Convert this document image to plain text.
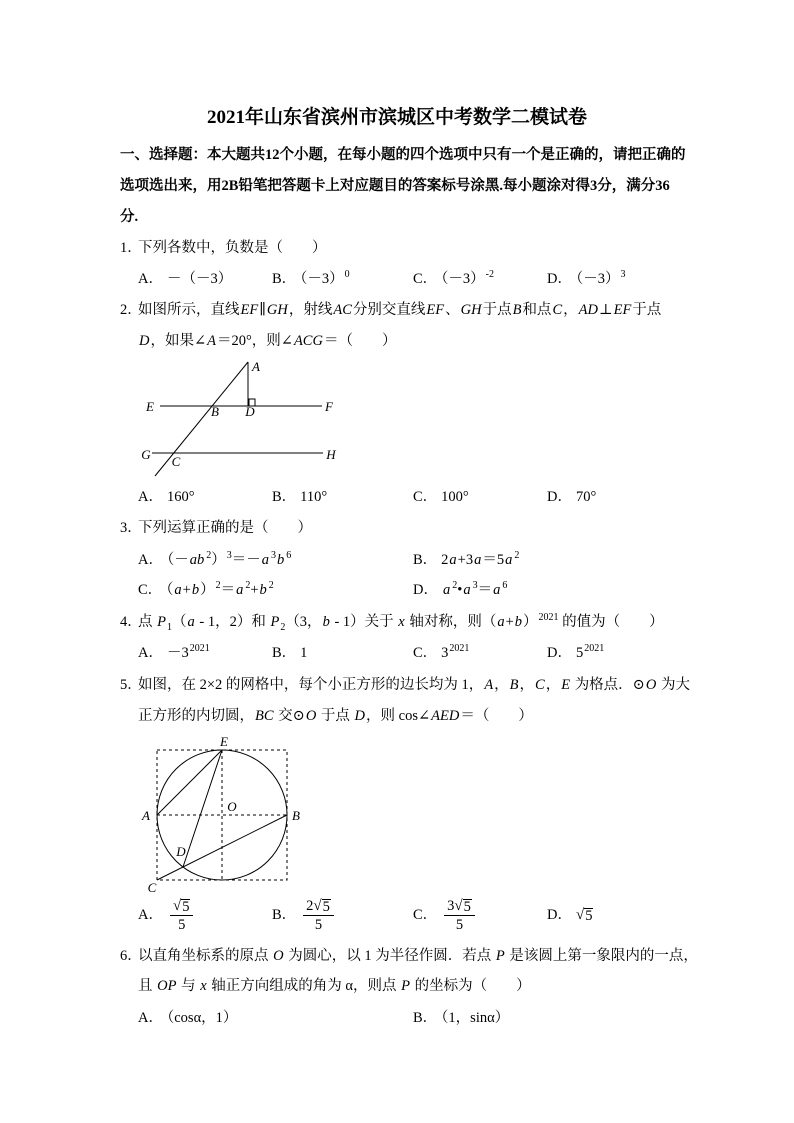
2021年山东省滨州市滨城区中考数学二模试卷
一、选择题：本大题共12个小题，在每小题的四个选项中只有一个是正确的，请把正确的
选项选出来，用2B铅笔把答题卡上对应题目的答案标号涂黑.每小题涂对得3分，满分36
分.
1．
下列各数中，负数是（　　）
A． －（－3）	B． $(-3)^0$	C． $(-3)^{-2}$	D． $(-3)^3$
2．
如图所示，直线EF∥GH，射线AC分别交直线EF、GH于点B和点C，AD⊥EF于点
D，如果∠A＝20°，则∠ACG＝（　　）
A
E	B D	F
G C	H
A． 160°	B． 110°	C． 100°	D． 70°
3．
下列运算正确的是（　　）
A． （－ab $^2$）$^3$＝－a $^3$b $^6$	B． 2a+3a＝5a $^2$
C． $(a+b)^2=a$ $^2$+b $^2$	D． a $^2$•a $^3$＝a $^6$
4．
点 $P_1(a - 1$，2）和 $P_2(3$，b - 1）关于 x 轴对称，则$(a+b)^{2021}$ 的值为（　　）
A． $-3^{2021}$	B． 1	C． $3^{2021}$	D． $5^{2021}$
5．
如图，在 2×2 的网格中，每个小正方形的边长均为 1，A，B，C，E 为格点．⊙O 为大
正方形的内切圆，BC 交⊙O 于点 D，则 cos∠AED＝（　　）
E
O
A	B
D
C
A． $\frac{√ 5}{5}$	B． $\frac{2 √ 5}{5}$	C． $\frac{3 √ 5}{5}$	D． √ 5
6．
以直角坐标系的原点 O 为圆心，以 1 为半径作圆．若点 P 是该圆上第一象限内的一点，
且 OP 与 x 轴正方向组成的角为 α，则点 P 的坐标为（　　）
A． （cosα，1）	B． （1，sinα）
